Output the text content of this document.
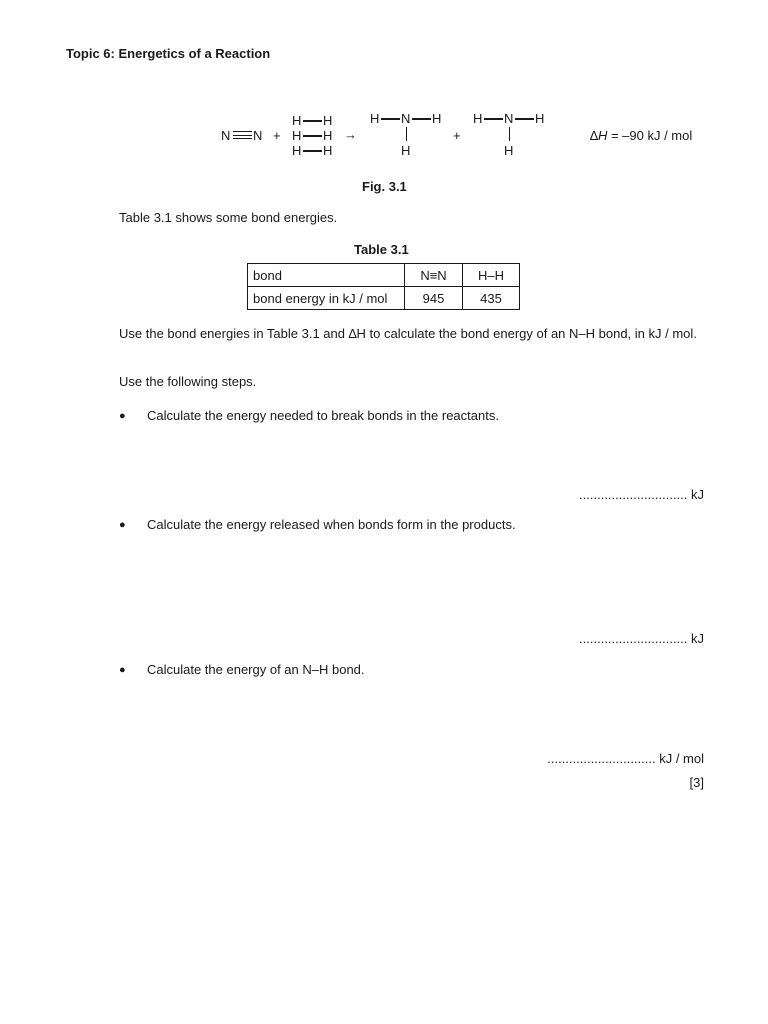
Topic 6: Energetics of a Reaction
N N +
H H
H H
H H
→
H N H
H
+
H N H
H
∆H = –90 kJ / mol
Fig. 3.1
Table 3.1 shows some bond energies.
Table 3.1
bond	N≡N	H–H
bond energy in kJ / mol	945	435
Use the bond energies in Table 3.1 and ∆H to calculate the bond energy of an N–H bond, in kJ / mol.
Use the following steps.
● Calculate the energy needed to break bonds in the reactants.
.............................. kJ
● Calculate the energy released when bonds form in the products.
.............................. kJ
● Calculate the energy of an N–H bond.
.............................. kJ / mol
[3]
